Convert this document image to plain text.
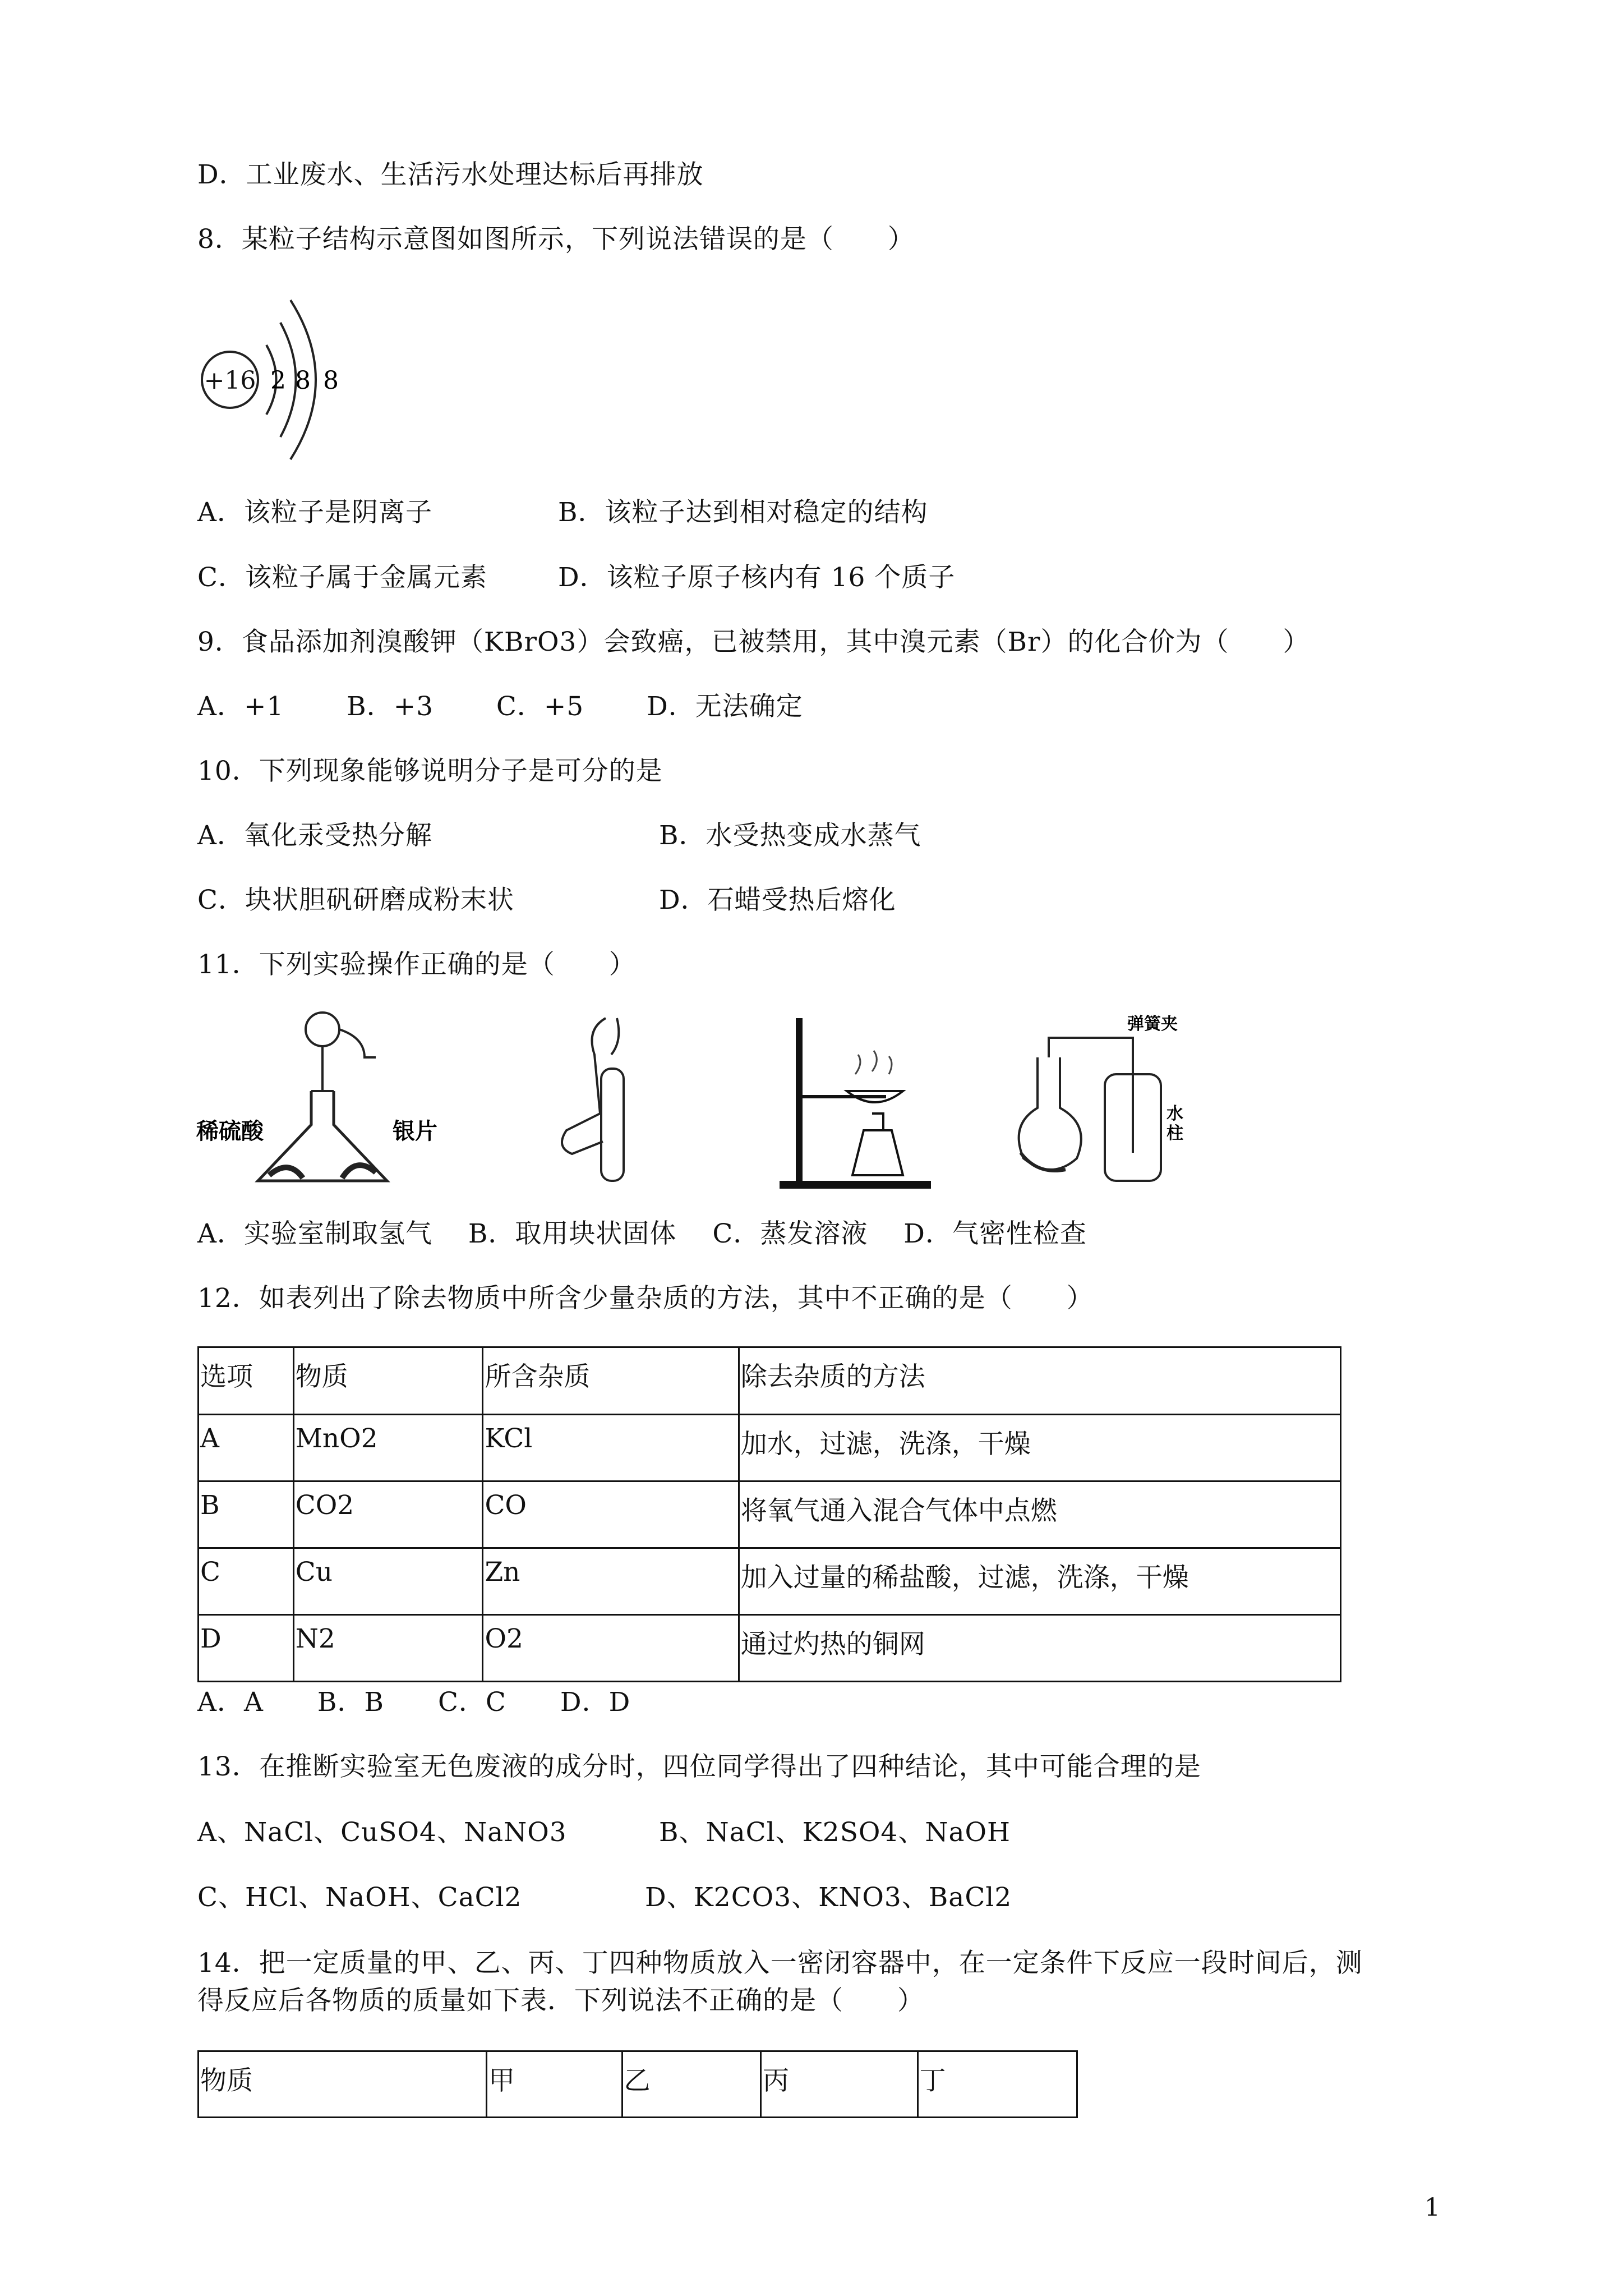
D．工业废水、生活污水处理达标后再排放
8．某粒子结构示意图如图所示，下列说法错误的是（　　）
+16 2 8 8
A．该粒子是阴离子	B．该粒子达到相对稳定的结构
C．该粒子属于金属元素	D．该粒子原子核内有 16 个质子
9．食品添加剂溴酸钾（KBrO3）会致癌，已被禁用，其中溴元素（Br）的化合价为（　　）
A．+1　　 B．+3　　 C．+5　　 D．无法确定
10．下列现象能够说明分子是可分的是
A．氧化汞受热分解	B．水受热变成水蒸气
C．块状胆矾研磨成粉末状	D．石蜡受热后熔化
11．下列实验操作正确的是（　　）
稀硫酸	银片
弹簧夹
水
柱
A．实验室制取氢气　 B．取用块状固体　 C．蒸发溶液　 D．气密性检查
12．如表列出了除去物质中所含少量杂质的方法，其中不正确的是（　　）
选项	物质	所含杂质	除去杂质的方法
A	MnO2	KCl	加水，过滤，洗涤，干燥
B	CO2	CO	将氧气通入混合气体中点燃
C	Cu	Zn	加入过量的稀盐酸，过滤，洗涤，干燥
D	N2	O2	通过灼热的铜网
A．A　　B．B　　C．C　　D．D
13．在推断实验室无色废液的成分时，四位同学得出了四种结论，其中可能合理的是
A、NaCl、CuSO4、NaNO3	B、NaCl、K2SO4、NaOH
C、HCl、NaOH、CaCl2	D、K2CO3、KNO3、BaCl2
14．把一定质量的甲、乙、丙、丁四种物质放入一密闭容器中，在一定条件下反应一段时间后，测
得反应后各物质的质量如下表．下列说法不正确的是（　　）
物质	甲	乙	丙	丁
1
